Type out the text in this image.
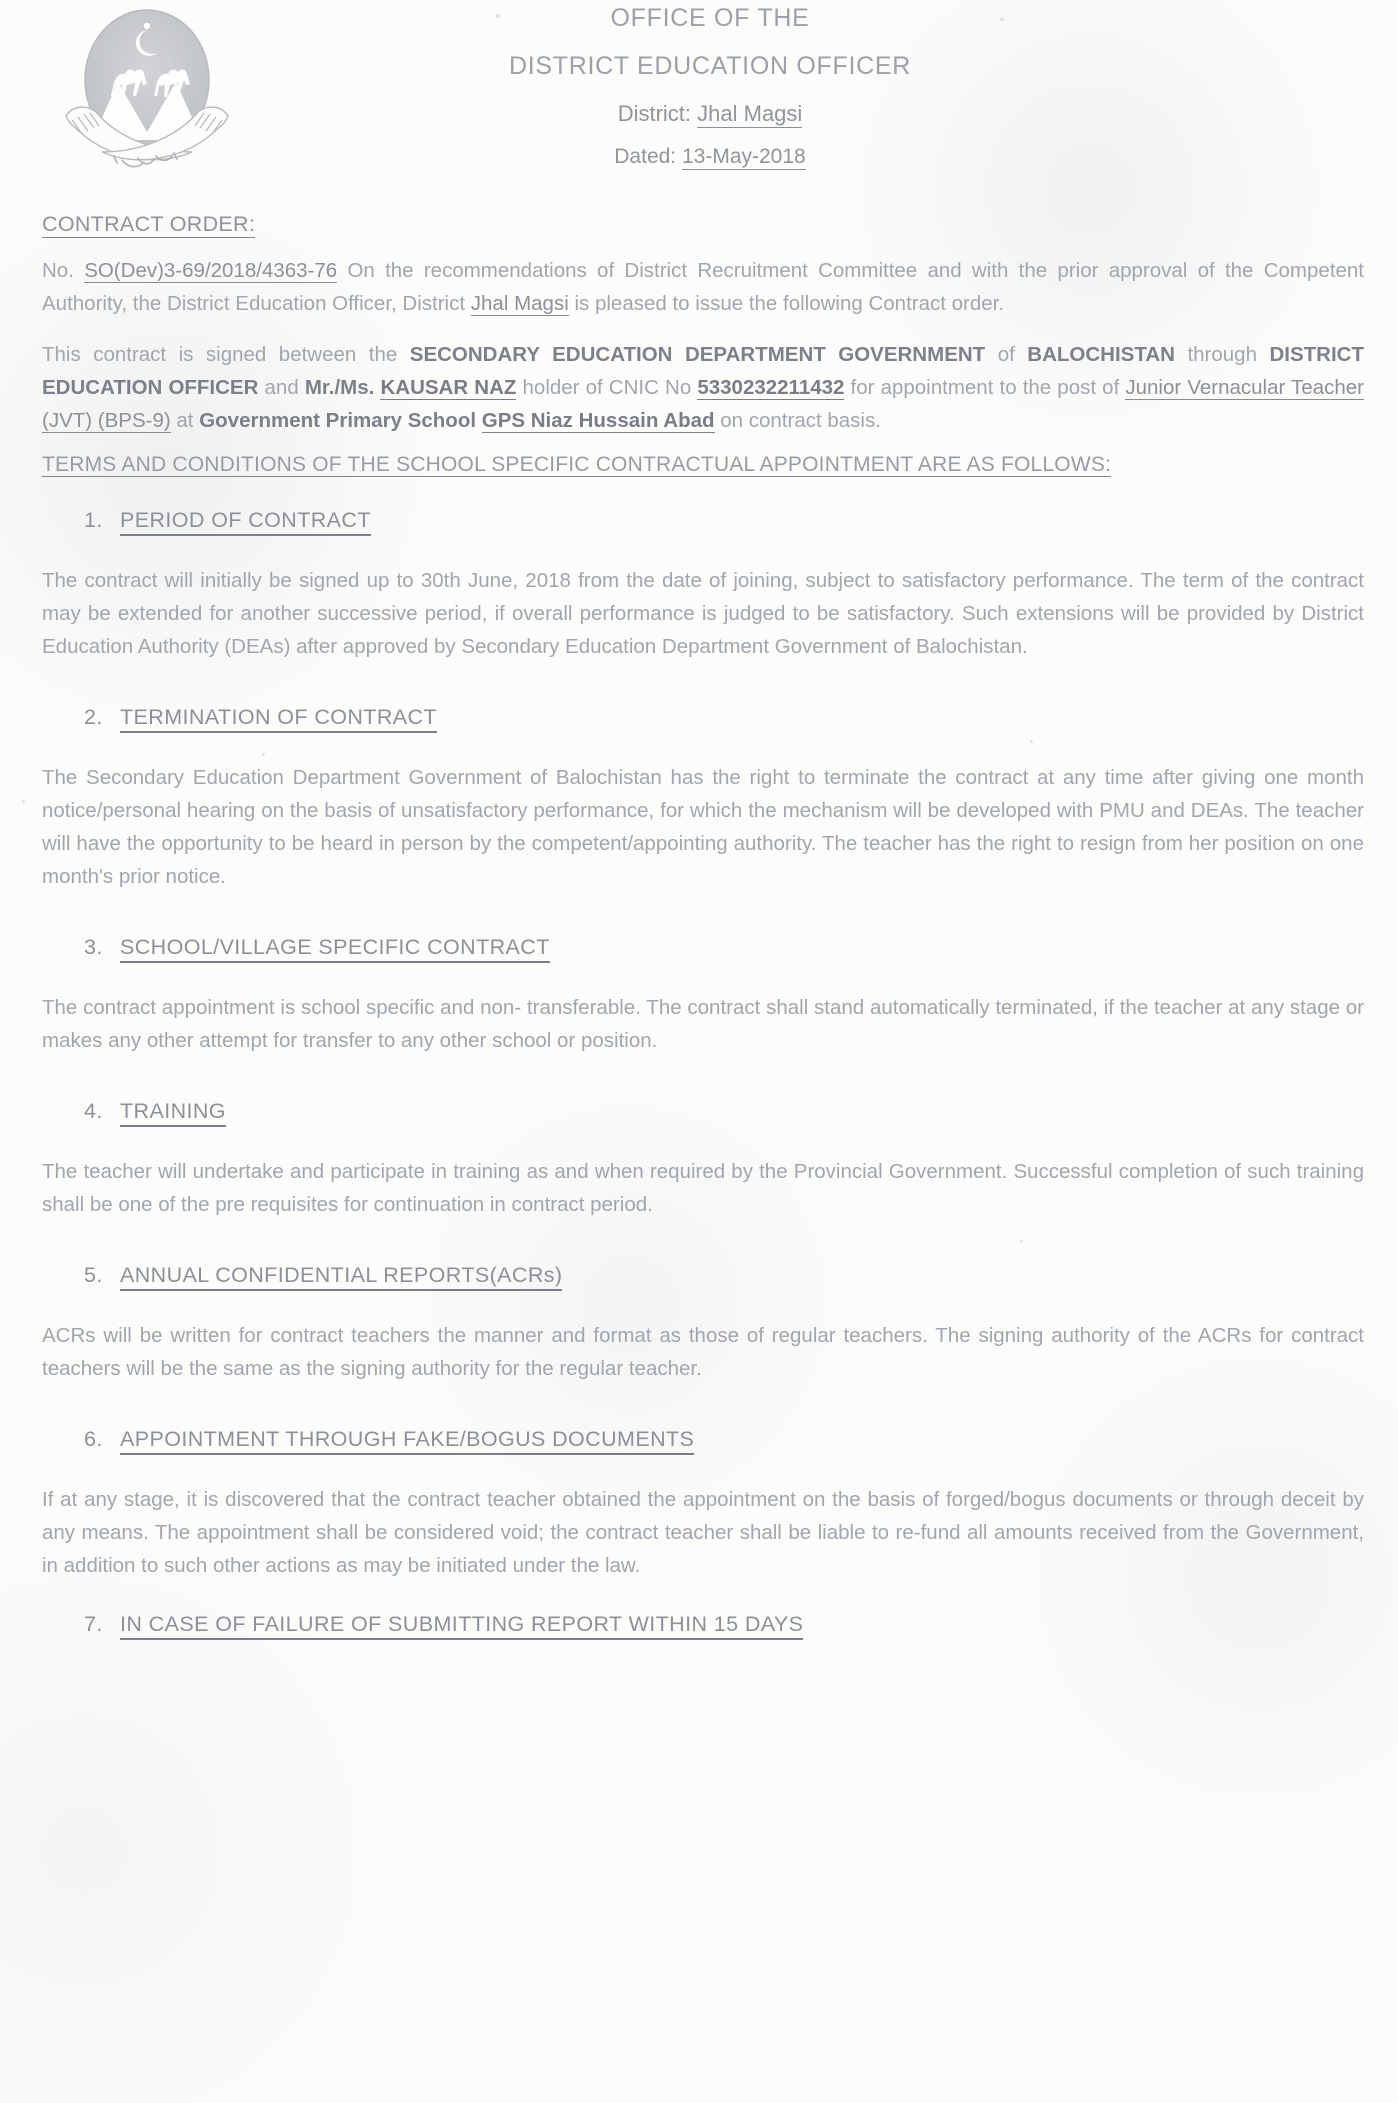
OFFICE OF THE
DISTRICT EDUCATION OFFICER
District: Jhal Magsi
Dated: 13-May-2018
CONTRACT ORDER:

No. SO(Dev)3-69/2018/4363-76 On the recommendations of District Recruitment Committee and with the prior approval of the Competent Authority, the District Education Officer, District Jhal Magsi is pleased to issue the following Contract order.

This contract is signed between the SECONDARY EDUCATION DEPARTMENT GOVERNMENT of BALOCHISTAN through DISTRICT EDUCATION OFFICER and Mr./Ms. KAUSAR NAZ holder of CNIC No 5330232211432 for appointment to the post of Junior Vernacular Teacher (JVT) (BPS-9) at Government Primary School GPS Niaz Hussain Abad on contract basis.

TERMS AND CONDITIONS OF THE SCHOOL SPECIFIC CONTRACTUAL APPOINTMENT ARE AS FOLLOWS:
1. PERIOD OF CONTRACT

The contract will initially be signed up to 30th June, 2018 from the date of joining, subject to satisfactory performance. The term of the contract may be extended for another successive period, if overall performance is judged to be satisfactory. Such extensions will be provided by District Education Authority (DEAs) after approved by Secondary Education Department Government of Balochistan.

2. TERMINATION OF CONTRACT

The Secondary Education Department Government of Balochistan has the right to terminate the contract at any time after giving one month notice/personal hearing on the basis of unsatisfactory performance, for which the mechanism will be developed with PMU and DEAs. The teacher will have the opportunity to be heard in person by the competent/appointing authority. The teacher has the right to resign from her position on one month's prior notice.

3. SCHOOL/VILLAGE SPECIFIC CONTRACT

The contract appointment is school specific and non- transferable. The contract shall stand automatically terminated, if the teacher at any stage or makes any other attempt for transfer to any other school or position.

4. TRAINING

The teacher will undertake and participate in training as and when required by the Provincial Government. Successful completion of such training shall be one of the pre requisites for continuation in contract period.

5. ANNUAL CONFIDENTIAL REPORTS(ACRs)

ACRs will be written for contract teachers the manner and format as those of regular teachers. The signing authority of the ACRs for contract teachers will be the same as the signing authority for the regular teacher.

6. APPOINTMENT THROUGH FAKE/BOGUS DOCUMENTS

If at any stage, it is discovered that the contract teacher obtained the appointment on the basis of forged/bogus documents or through deceit by any means. The appointment shall be considered void; the contract teacher shall be liable to re-fund all amounts received from the Government, in addition to such other actions as may be initiated under the law.

7. IN CASE OF FAILURE OF SUBMITTING REPORT WITHIN 15 DAYS
